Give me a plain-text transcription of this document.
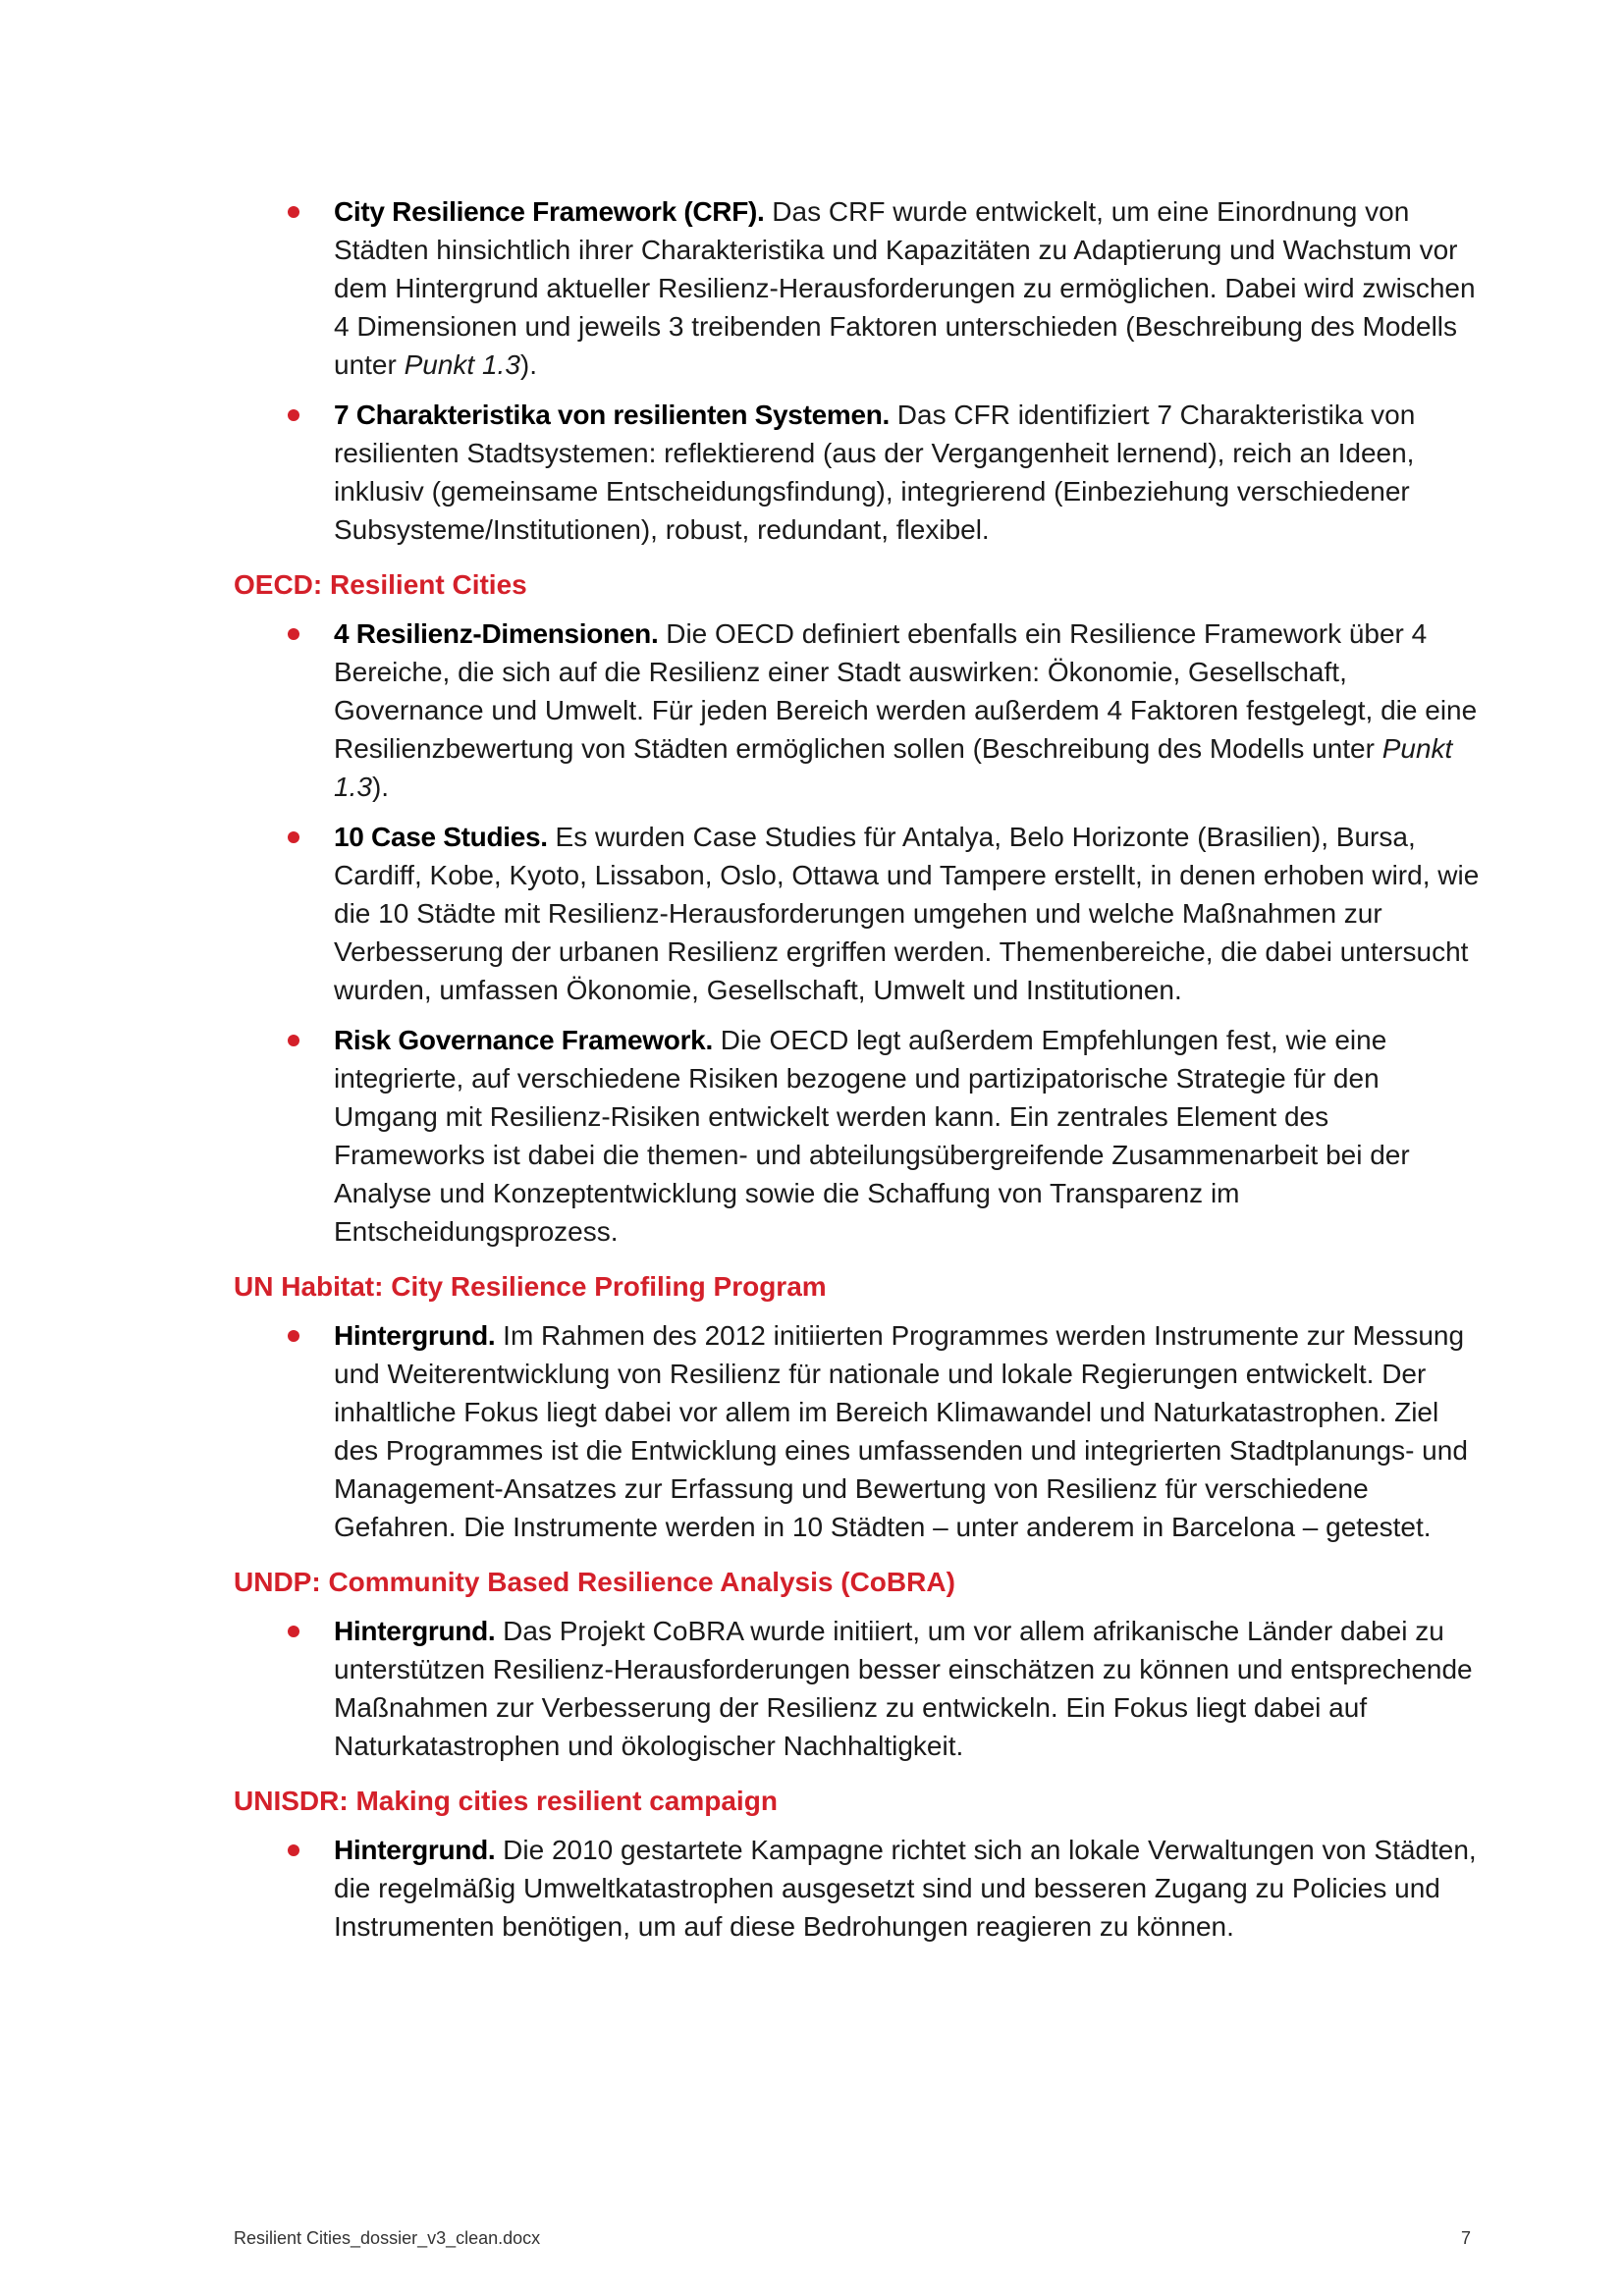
City Resilience Framework (CRF). Das CRF wurde entwickelt, um eine Einordnung von Städten hinsichtlich ihrer Charakteristika und Kapazitäten zu Adaptierung und Wachstum vor dem Hintergrund aktueller Resilienz-Herausforderungen zu ermöglichen. Dabei wird zwischen 4 Dimensionen und jeweils 3 treibenden Faktoren unterschieden (Beschreibung des Modells unter Punkt 1.3).
7 Charakteristika von resilienten Systemen. Das CFR identifiziert 7 Charakteristika von resilienten Stadtsystemen: reflektierend (aus der Vergangenheit lernend), reich an Ideen, inklusiv (gemeinsame Entscheidungsfindung), integrierend (Einbeziehung verschiedener Subsysteme/Institutionen), robust, redundant, flexibel.
OECD: Resilient Cities
4 Resilienz-Dimensionen. Die OECD definiert ebenfalls ein Resilience Framework über 4 Bereiche, die sich auf die Resilienz einer Stadt auswirken: Ökonomie, Gesellschaft, Governance und Umwelt. Für jeden Bereich werden außerdem 4 Faktoren festgelegt, die eine Resilienzbewertung von Städten ermöglichen sollen (Beschreibung des Modells unter Punkt 1.3).
10 Case Studies. Es wurden Case Studies für Antalya, Belo Horizonte (Brasilien), Bursa, Cardiff, Kobe, Kyoto, Lissabon, Oslo, Ottawa und Tampere erstellt, in denen erhoben wird, wie die 10 Städte mit Resilienz-Herausforderungen umgehen und welche Maßnahmen zur Verbesserung der urbanen Resilienz ergriffen werden. Themenbereiche, die dabei untersucht wurden, umfassen Ökonomie, Gesellschaft, Umwelt und Institutionen.
Risk Governance Framework. Die OECD legt außerdem Empfehlungen fest, wie eine integrierte, auf verschiedene Risiken bezogene und partizipatorische Strategie für den Umgang mit Resilienz-Risiken entwickelt werden kann. Ein zentrales Element des Frameworks ist dabei die themen- und abteilungsübergreifende Zusammenarbeit bei der Analyse und Konzeptentwicklung sowie die Schaffung von Transparenz im Entscheidungsprozess.
UN Habitat: City Resilience Profiling Program
Hintergrund. Im Rahmen des 2012 initiierten Programmes werden Instrumente zur Messung und Weiterentwicklung von Resilienz für nationale und lokale Regierungen entwickelt. Der inhaltliche Fokus liegt dabei vor allem im Bereich Klimawandel und Naturkatastrophen. Ziel des Programmes ist die Entwicklung eines umfassenden und integrierten Stadtplanungs- und Management-Ansatzes zur Erfassung und Bewertung von Resilienz für verschiedene Gefahren. Die Instrumente werden in 10 Städten – unter anderem in Barcelona – getestet.
UNDP: Community Based Resilience Analysis (CoBRA)
Hintergrund. Das Projekt CoBRA wurde initiiert, um vor allem afrikanische Länder dabei zu unterstützen Resilienz-Herausforderungen besser einschätzen zu können und entsprechende Maßnahmen zur Verbesserung der Resilienz zu entwickeln. Ein Fokus liegt dabei auf Naturkatastrophen und ökologischer Nachhaltigkeit.
UNISDR: Making cities resilient campaign
Hintergrund. Die 2010 gestartete Kampagne richtet sich an lokale Verwaltungen von Städten, die regelmäßig Umweltkatastrophen ausgesetzt sind und besseren Zugang zu Policies und Instrumenten benötigen, um auf diese Bedrohungen reagieren zu können.
Resilient Cities_dossier_v3_clean.docx	7
